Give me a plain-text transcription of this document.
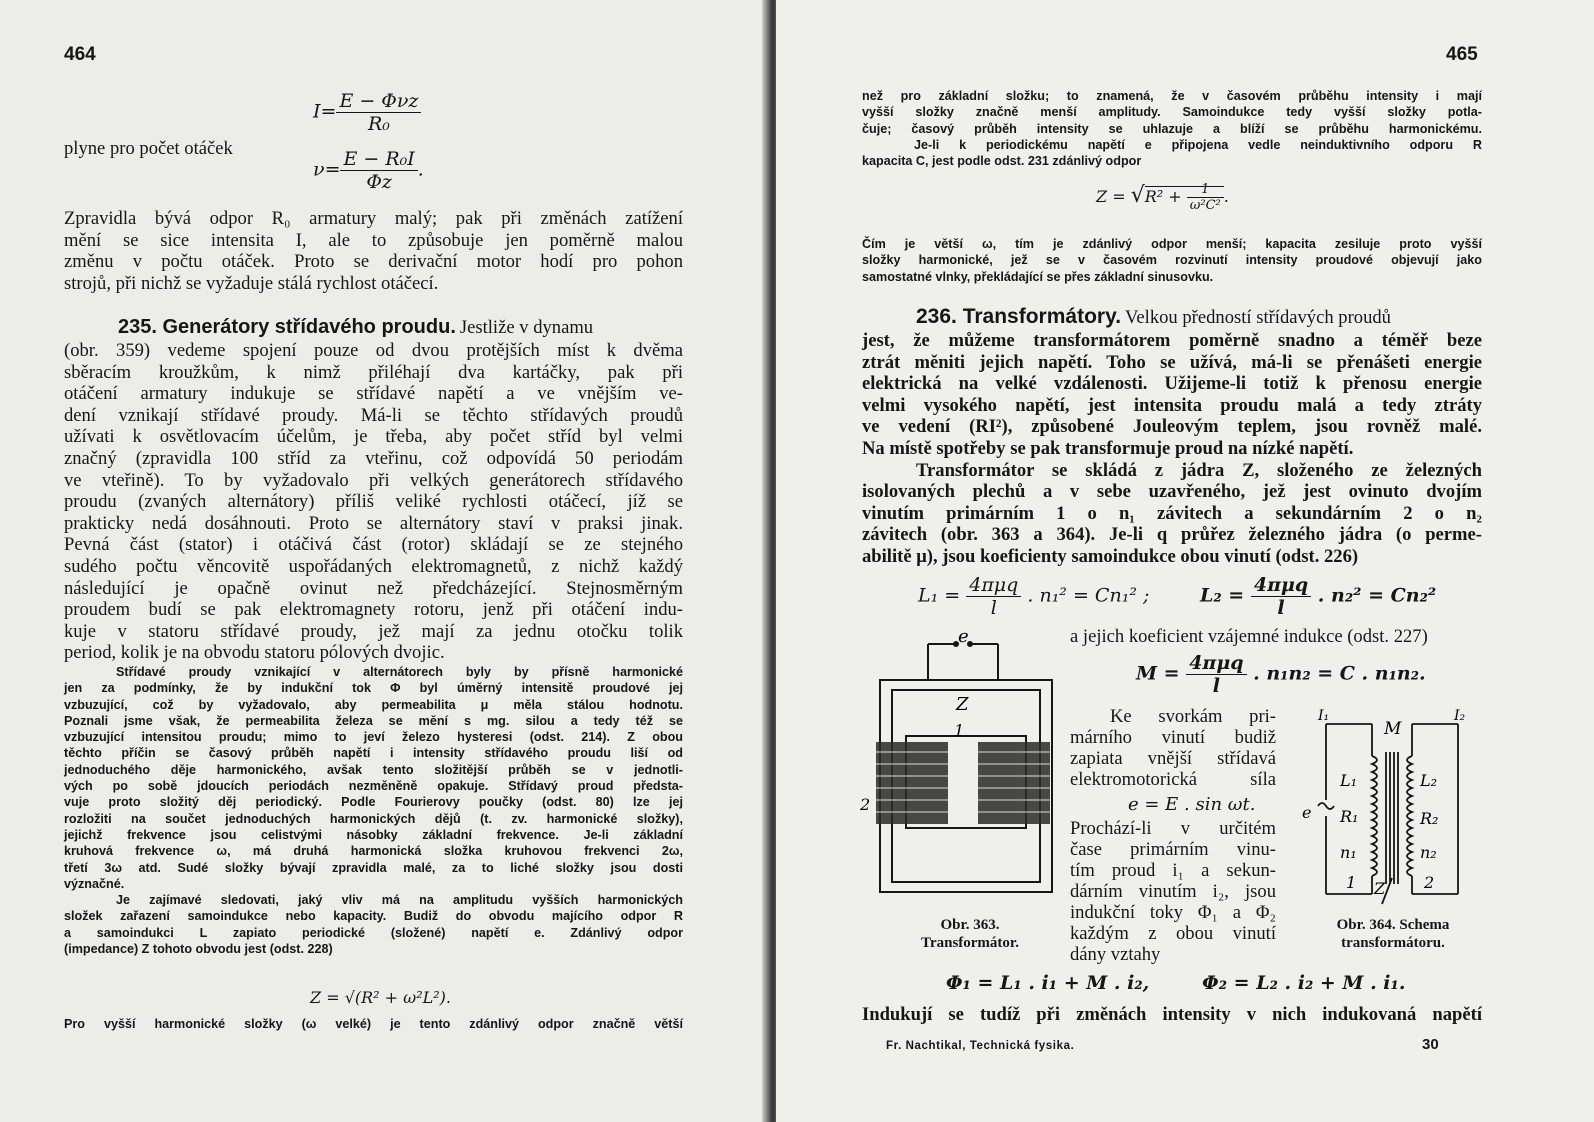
464
$I= \frac{\text{E − Φνz}}{\text{R₀}}$
plyne pro počet otáček
$\nu= \frac{\text{E − R₀I}}{\Phi z}$ .
Zpravidla bývá odpor R₀ armatury malý; pak při změnách zatížení
mění se sice intensita I, ale to způsobuje jen poměrně malou
změnu v počtu otáček. Proto se derivační motor hodí pro pohon
strojů, při nichž se vyžaduje stálá rychlost otáčecí.
235. Generátory střídavého proudu. Jestliže v dynamu
(obr. 359) vedeme spojení pouze od dvou protějších míst k dvěma
sběracím kroužkům, k nimž přiléhají dva kartáčky, pak při
otáčení armatury indukuje se střídavé napětí a ve vnějším ve-
dení vznikají střídavé proudy. Má-li se těchto střídavých proudů
užívati k osvětlovacím účelům, je třeba, aby počet stříd byl velmi
značný (zpravidla 100 stříd za vteřinu, což odpovídá 50 periodám
ve vteřině). To by vyžadovalo při velkých generátorech střídavého
proudu (zvaných alternátory) příliš veliké rychlosti otáčecí, jíž se
prakticky nedá dosáhnouti. Proto se alternátory staví v praksi jinak.
Pevná část (stator) i otáčivá část (rotor) skládají se ze stejného
sudého počtu věncovitě uspořádaných elektromagnetů, z nichž každý
následující je opačně ovinut než předcházející. Stejnosměrným
proudem budí se pak elektromagnety rotoru, jenž při otáčení indu-
kuje v statoru střídavé proudy, jež mají za jednu otočku tolik
period, kolik je na obvodu statoru pólových dvojic.
Střídavé proudy vznikající v alternátorech byly by přísně harmonické
jen za podmínky, že by indukční tok Φ byl úměrný intensitě proudové jej
vzbuzující, což by vyžadovalo, aby permeabilita μ měla stálou hodnotu.
Poznali jsme však, že permeabilita železa se mění s mg. silou a tedy též se
vzbuzující intensitou proudu; mimo to jeví železo hysteresi (odst. 214). Z obou
těchto příčin se časový průběh napětí i intensity střídavého proudu liší od
jednoduchého děje harmonického, avšak tento složitější průběh se v jednotli-
vých po sobě jdoucích periodách nezměněně opakuje. Střídavý proud předsta-
vuje proto složitý děj periodický. Podle Fourierovy poučky (odst. 80) lze jej
rozložiti na součet jednoduchých harmonických dějů (t. zv. harmonické složky),
jejichž frekvence jsou celistvými násobky základní frekvence. Je-li základní
kruhová frekvence ω, má druhá harmonická složka kruhovou frekvenci 2ω,
třetí 3ω atd. Sudé složky bývají zpravidla malé, za to liché složky jsou dosti
význačné.
Je zajímavé sledovati, jaký vliv má na amplitudu vyšších harmonických
složek zařazení samoindukce nebo kapacity. Budiž do obvodu majícího odpor R
a samoindukci L zapiato periodické (složené) napětí e. Zdánlivý odpor
(impedance) Z tohoto obvodu jest (odst. 228)
Z = √(R² + ω²L²).
Pro vyšší harmonické složky (ω velké) je tento zdánlivý odpor značně větší
465
než pro základní složku; to znamená, že v časovém průběhu intensity i mají
vyšší složky značně menší amplitudy. Samoindukce tedy vyšší složky potla-
čuje; časový průběh intensity se uhlazuje a blíží se průběhu harmonickému.
Je-li k periodickému napětí e připojena vedle neinduktivního odporu R
kapacita C, jest podle odst. 231 zdánlivý odpor
$Z = √R^2 + \frac{1}{\text{ω²C²}}$ .
Čím je větší ω, tím je zdánlivý odpor menší; kapacita zesiluje proto vyšší
složky harmonické, jež se v časovém rozvinutí intensity proudové objevují jako
samostatné vlnky, překládající se přes základní sinusovku.
236. Transformátory. Velkou předností střídavých proudů
jest, že můžeme transformátorem poměrně snadno a téměř beze
ztrát měniti jejich napětí. Toho se užívá, má-li se přenášeti energie
elektrická na velké vzdálenosti. Užijeme-li totiž k přenosu energie
velmi vysokého napětí, jest intensita proudu malá a tedy ztráty
ve vedení (RI²), způsobené Jouleovým teplem, jsou rovněž malé.
Na místě spotřeby se pak transformuje proud na nízké napětí.
Transformátor se skládá z jádra Z, složeného ze železných
isolovaných plechů a v sebe uzavřeného, jež jest ovinuto dvojím
vinutím primárním 1 o n₁ závitech a sekundárním 2 o n₂
závitech (obr. 363 a 364). Je-li q průřez železného jádra (o perme-
abilitě μ), jsou koeficienty samoindukce obou vinutí (odst. 226)
$L_1 = \frac{\text{4πμq}}{l}$ . n₁² = Cn₁² ;	$L_2 = \frac{\text{4πμq}}{l}$ . n₂² = Cn₂²
a jejich koeficient vzájemné indukce (odst. 227)
$M = \frac{\text{4πμq}}{l}$ . n₁n₂ = C . n₁n₂.
e
Z
1
2
Obr. 363.
Transformátor.
Ke svorkám pri-
márního vinutí budiž
zapiata vnější střídavá
elektromotorická síla
e = E . sin ωt.
Prochází-li v určitém
čase primárním vinu-
tím proud i₁ a sekun-
dárním vinutím i₂, jsou
indukční toky Φ₁ a Φ₂
každým z obou vinutí
dány vztahy
I₁
M
I₂
L₁	L₂
R₁	R₂
n₁	n₂
1 Z 2
e
Obr. 364. Schema
transformátoru.
Φ₁ = L₁ . i₁ + M . i₂,        Φ₂ = L₂ . i₂ + M . i₁.
Indukují se tudíž při změnách intensity v nich indukovaná napětí
Fr. Nachtikal, Technická fysika.	30
